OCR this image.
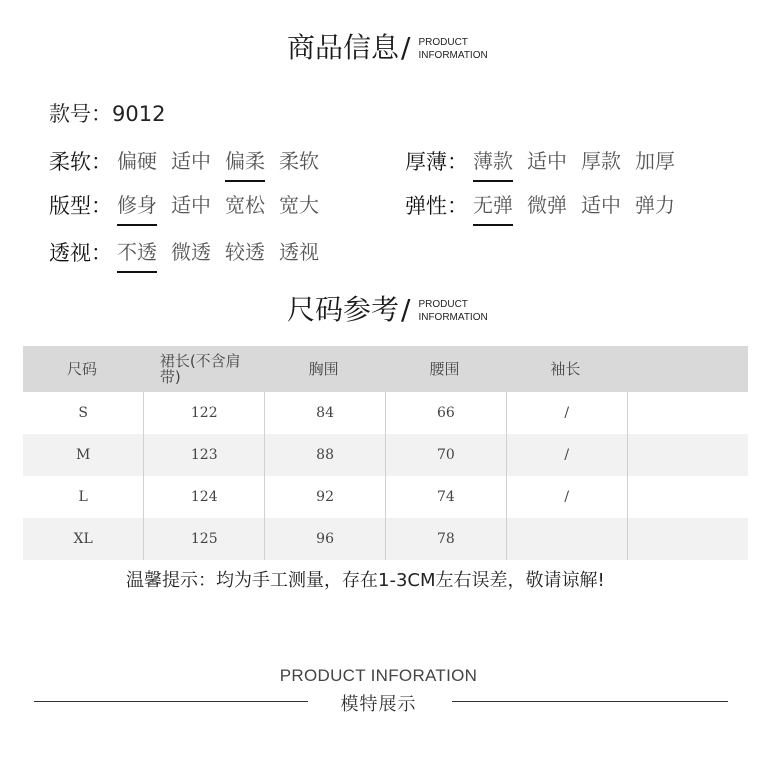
商品信息 / PRODUCT
INFORMATION
款号：9012
柔软： 偏硬 适中 偏柔 柔软	厚薄： 薄款 适中 厚款 加厚
版型： 修身 适中 宽松 宽大	弹性： 无弹 微弹 适中 弹力
透视： 不透 微透 较透 透视
尺码参考 / PRODUCT
INFORMATION
尺码	裙长(不含肩带)	胸围	腰围	袖长	
S	122	84	66	/	
M	123	88	70	/	
L	124	92	74	/	
XL	125	96	78		
温馨提示：均为手工测量，存在1-3CM左右误差，敬请谅解!
PRODUCT INFORATION
模特展示
